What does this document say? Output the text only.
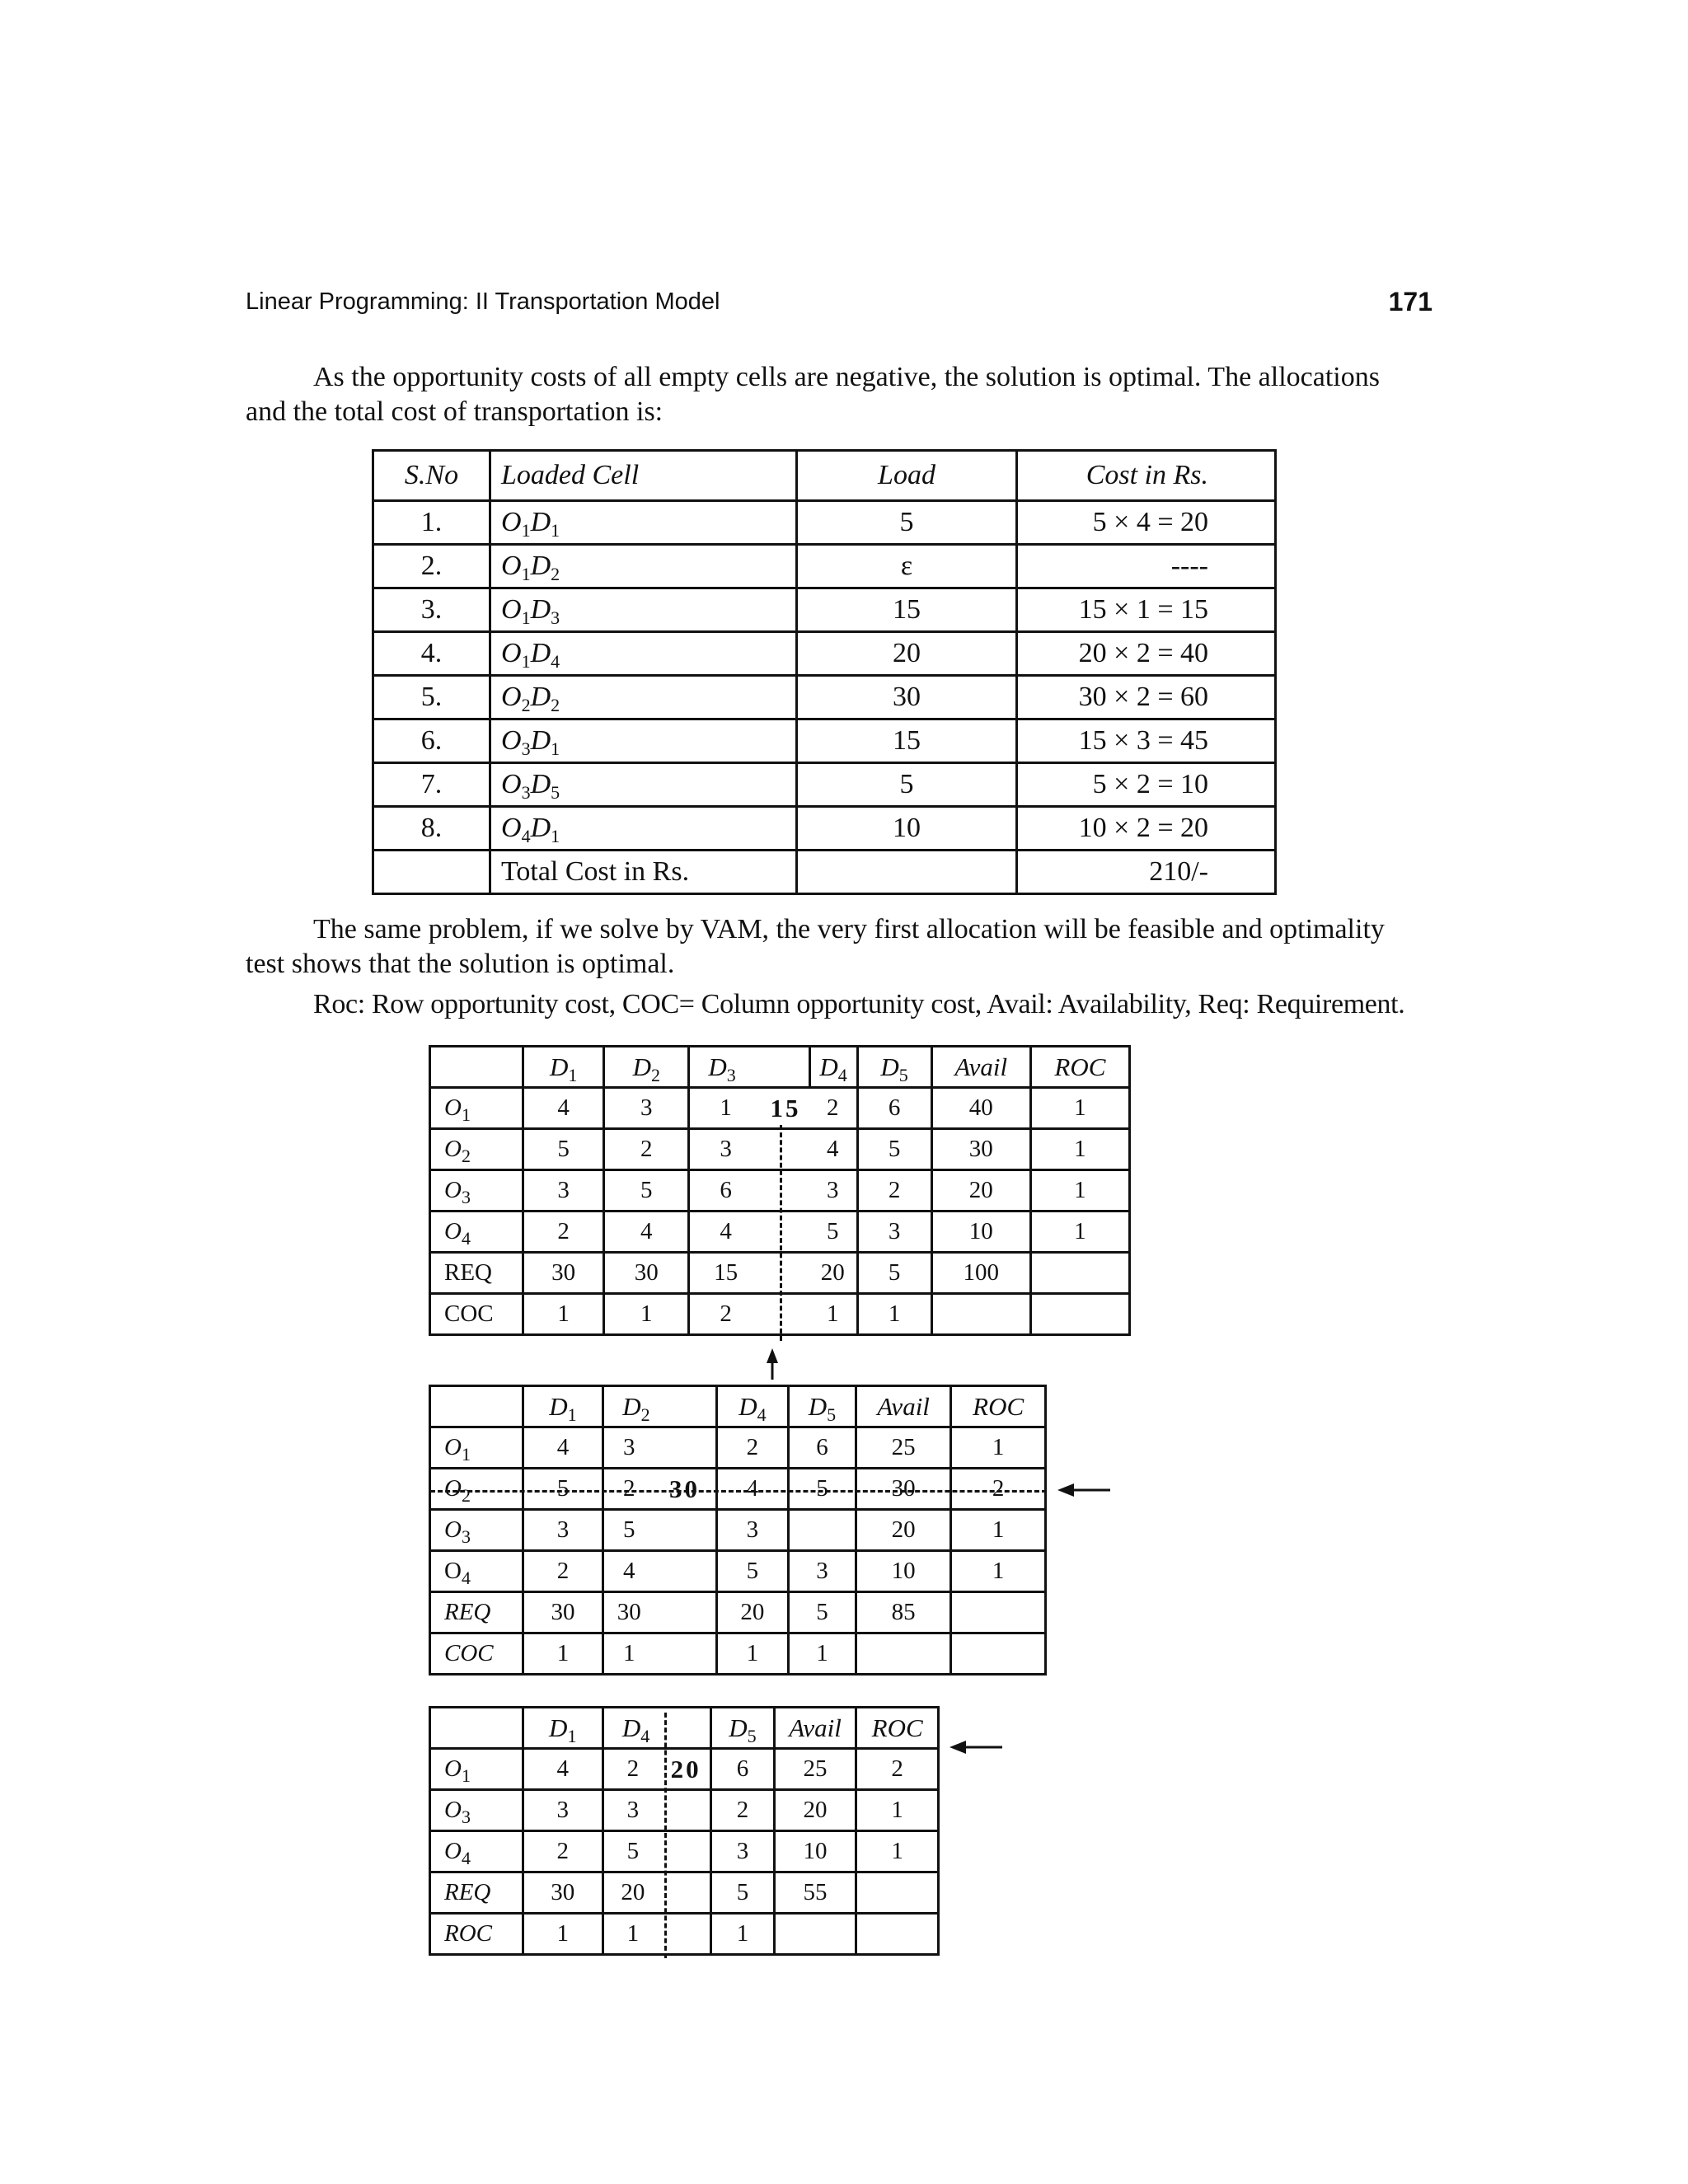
Linear Programming: II Transportation Model	171

As the opportunity costs of all empty cells are negative, the solution is optimal. The allocations
and the total cost of transportation is:

S.No	Loaded Cell	Load	Cost in Rs.
1.	$O_1D_1$	5	5 × 4 = 20
2.	$O_1D_2$	ε	----
3.	$O_1D_3$	15	15 × 1 = 15
4.	$O_1D_4$	20	20 × 2 = 40
5.	$O_2D_2$	30	30 × 2 = 60
6.	$O_3D_1$	15	15 × 3 = 45
7.	$O_3D_5$	5	5 × 2 = 10
8.	$O_4D_1$	10	10 × 2 = 20
	Total Cost in Rs.		210/-

The same problem, if we solve by VAM, the very first allocation will be feasible and optimality
test shows that the solution is optimal.

Roc: Row opportunity cost, COC= Column opportunity cost, Avail: Availability, Req: Requirement.
	$D_1$	$D_2$	$D_3$		$D_4$	$D_5$	Avail	ROC
$O_1$	4	3	1	15	2	6	40	1
$O_2$	5	2	3		4	5	30	1
$O_3$	3	5	6		3	2	20	1
$O_4$	2	4	4		5	3	10	1
REQ	30	30	15		20	5	100	
COC	1	1	2		1	1		
	$D_1$	$D_2$		$D_4$	$D_5$	Avail	ROC
$O_1$	4	3		2	6	25	1
$O_2$	5	2	30	4	5	30	2
$O_3$	3	5		3		20	1
$O_4$	2	4		5	3	10	1
REQ	30	30		20	5	85	
COC	1	1		1	1		
	$D_1$	$D_4$		$D_5$	Avail	ROC
$O_1$	4	2	20	6	25	2
$O_3$	3	3		2	20	1
$O_4$	2	5		3	10	1
REQ	30	20		5	55	
ROC	1	1		1		
